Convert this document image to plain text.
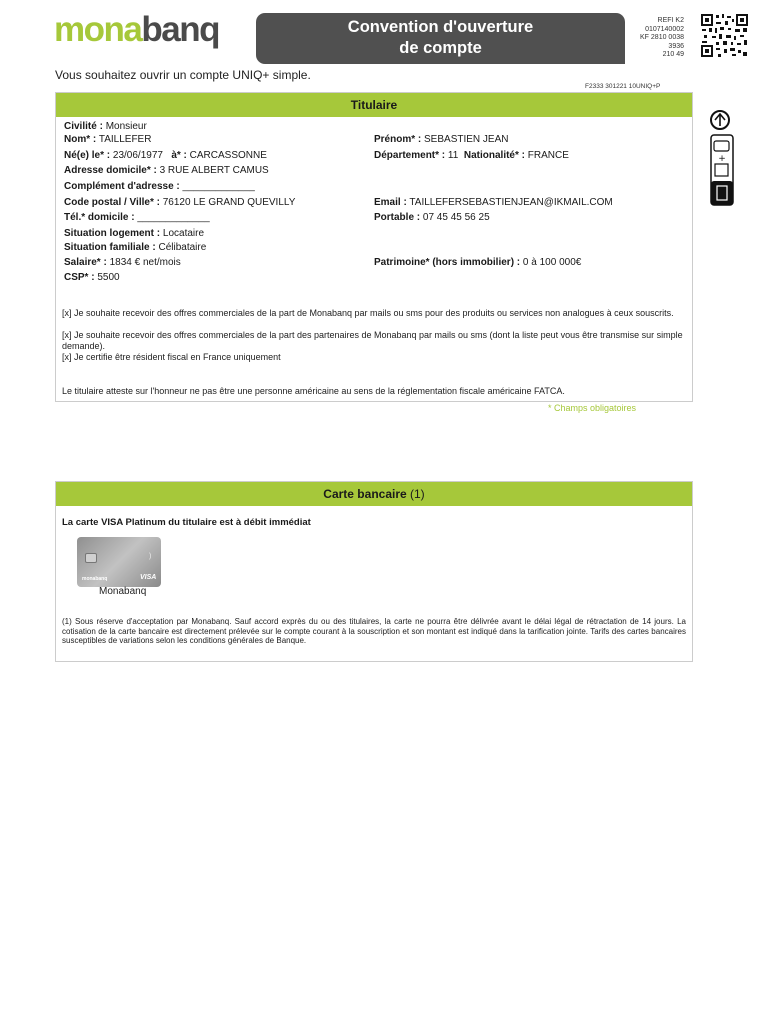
monabanq	Convention d'ouverture
de compte
REFI K2
0107140002
KF 2810 0038
3936
210 49
Vous souhaitez ouvrir un compte UNIQ+ simple.
F2333 301221 10UNIQ+P
Titulaire
Civilité : Monsieur
Nom* : TAILLEFER	Prénom* : SEBASTIEN JEAN
Né(e) le* : 23/06/1977 à* : CARCASSONNE	Département* : 11 Nationalité* : FRANCE
Adresse domicile* : 3 RUE ALBERT CAMUS
Complément d'adresse : _____________
Code postal / Ville* : 76120 LE GRAND QUEVILLY	Email : TAILLEFERSEBASTIENJEAN@IKMAIL.COM
Tél.* domicile : _____________	Portable : 07 45 45 56 25
Situation logement : Locataire
Situation familiale : Célibataire
Salaire* : 1834 € net/mois	Patrimoine* (hors immobilier) : 0 à 100 000€
CSP* : 5500
[x] Je souhaite recevoir des offres commerciales de la part de Monabanq par mails ou sms pour des produits ou services non analogues à ceux souscrits.
[x] Je souhaite recevoir des offres commerciales de la part des partenaires de Monabanq par mails ou sms (dont la liste peut vous être transmise sur simple demande).
[x] Je certifie être résident fiscal en France uniquement
Le titulaire atteste sur l'honneur ne pas être une personne américaine au sens de la réglementation fiscale américaine FATCA.
* Champs obligatoires
+
Carte bancaire (1)
La carte VISA Platinum du titulaire est à débit immédiat
)
monabanq	VISA
Monabanq
(1) Sous réserve d'acceptation par Monabanq. Sauf accord exprès du ou des titulaires, la carte ne pourra être délivrée avant le délai légal de rétractation de 14 jours. La cotisation de la carte bancaire est directement prélevée sur le compte courant à la souscription et son montant est indiqué dans la tarification jointe. Tarifs des cartes bancaires susceptibles de variations selon les conditions générales de Banque.
